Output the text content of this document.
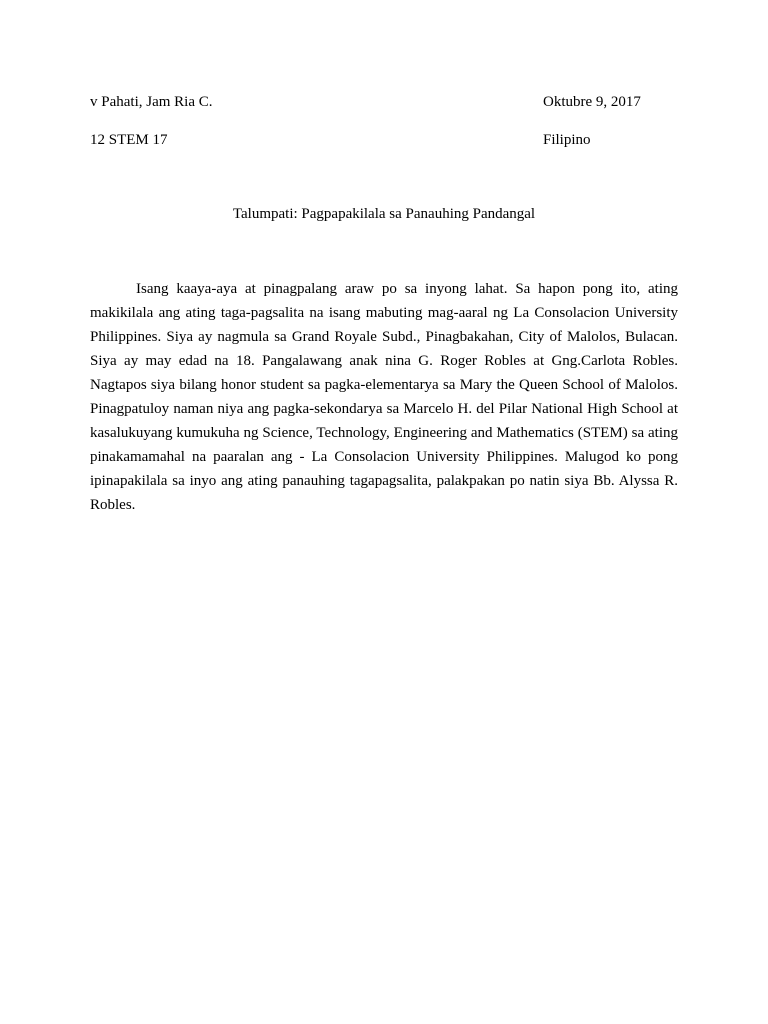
v Pahati, Jam Ria C.	Oktubre 9, 2017
12 STEM 17	Filipino
Talumpati: Pagpapakilala sa Panauhing Pandangal

Isang kaaya-aya at pinagpalang araw po sa inyong lahat. Sa hapon pong ito, ating makikilala ang ating taga-pagsalita na isang mabuting mag-aaral ng La Consolacion University Philippines. Siya ay nagmula sa Grand Royale Subd., Pinagbakahan, City of Malolos, Bulacan. Siya ay may edad na 18. Pangalawang anak nina G. Roger Robles at Gng.Carlota Robles. Nagtapos siya bilang honor student sa pagka-elementarya sa Mary the Queen School of Malolos. Pinagpatuloy naman niya ang pagka-sekondarya sa Marcelo H. del Pilar National High School at kasalukuyang kumukuha ng Science, Technology, Engineering and Mathematics (STEM) sa ating pinakamamahal na paaralan ang - La Consolacion University Philippines. Malugod ko pong ipinapakilala sa inyo ang ating panauhing tagapagsalita, palakpakan po natin siya Bb. Alyssa R. Robles.
